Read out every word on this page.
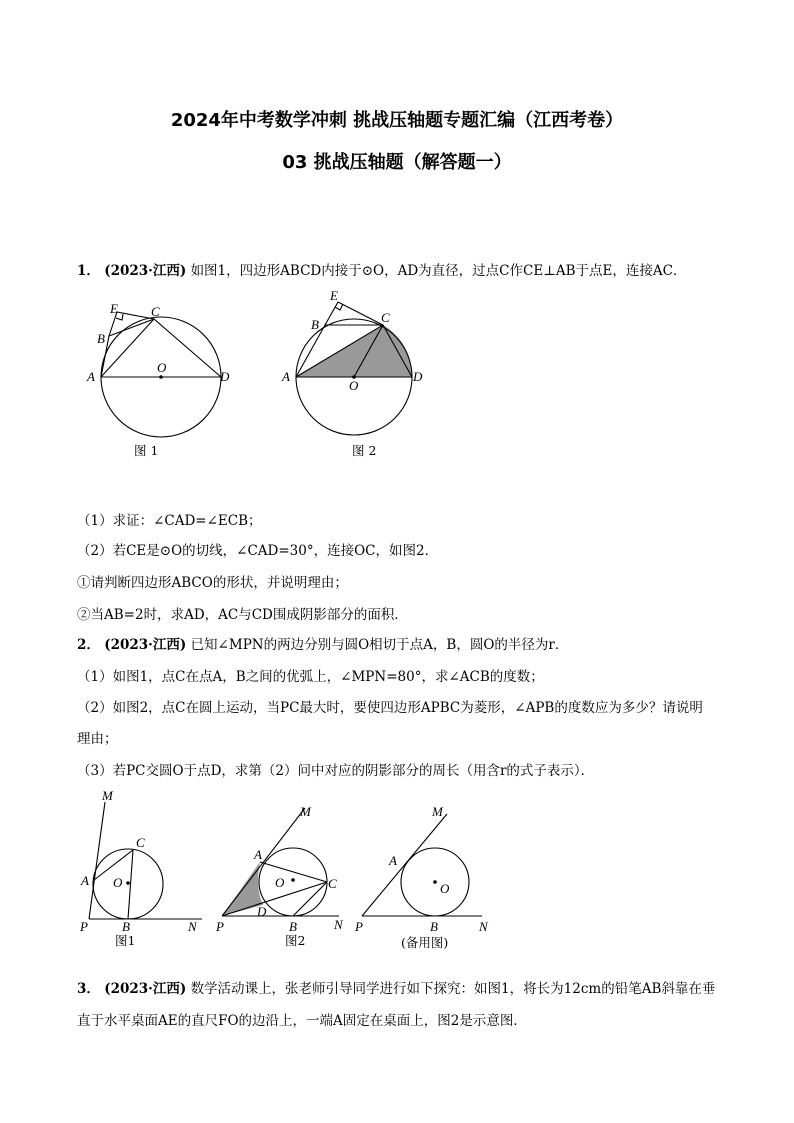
2024年中考数学冲刺 挑战压轴题专题汇编（江西考卷）
03 挑战压轴题（解答题一）
1． (2023·江西) 如图1，四边形ABCD内接于⊙O，AD为直径，过点C作CE⊥AB于点E，连接AC．
A
B
C
D
E
O
图 1
A
B	C
D
E
O
图 2
（1）求证：∠CAD=∠ECB；
（2）若CE是⊙O的切线，∠CAD=30°，连接OC，如图2．
①请判断四边形ABCO的形状，并说明理由；
②当AB=2时，求AD，AC与CD围成阴影部分的面积．
2． (2023·江西) 已知∠MPN的两边分别与圆O相切于点A，B，圆O的半径为r．
（1）如图1，点C在点A，B之间的优弧上，∠MPN=80°，求∠ACB的度数；
（2）如图2，点C在圆上运动，当PC最大时，要使四边形APBC为菱形，∠APB的度数应为多少？请说明
理由；
（3）若PC交圆O于点D，求第（2）问中对应的阴影部分的周长（用含r的式子表示）．
M
A
C
O
P	B	N
图1
M
A
C
O
D
P	B	N
图2
M
A
O
P	B	N
(备用图)
3． (2023·江西) 数学活动课上，张老师引导同学进行如下探究：如图1，将长为12cm的铅笔AB斜靠在垂
直于水平桌面AE的直尺FO的边沿上，一端A固定在桌面上，图2是示意图．
